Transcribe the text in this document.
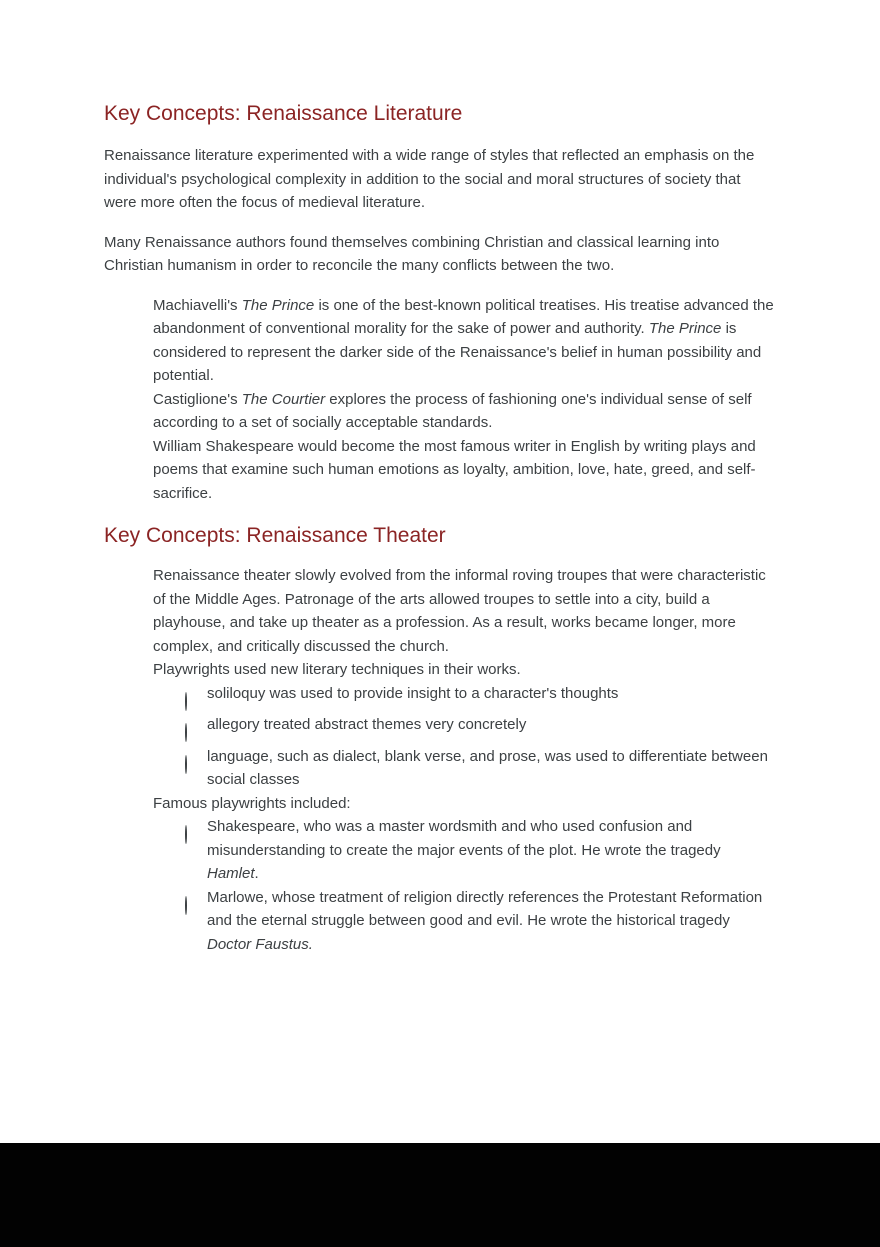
Key Concepts: Renaissance Literature

Renaissance literature experimented with a wide range of styles that reflected an emphasis on the individual's psychological complexity in addition to the social and moral structures of society that were more often the focus of medieval literature.

Many Renaissance authors found themselves combining Christian and classical learning into Christian humanism in order to reconcile the many conflicts between the two.

Machiavelli's The Prince is one of the best-known political treatises. His treatise advanced the abandonment of conventional morality for the sake of power and authority. The Prince is considered to represent the darker side of the Renaissance's belief in human possibility and potential.
Castiglione's The Courtier explores the process of fashioning one's individual sense of self according to a set of socially acceptable standards.
William Shakespeare would become the most famous writer in English by writing plays and poems that examine such human emotions as loyalty, ambition, love, hate, greed, and self-sacrifice.
Key Concepts: Renaissance Theater
Renaissance theater slowly evolved from the informal roving troupes that were characteristic of the Middle Ages. Patronage of the arts allowed troupes to settle into a city, build a playhouse, and take up theater as a profession. As a result, works became longer, more complex, and critically discussed the church.
Playwrights used new literary techniques in their works.
soliloquy was used to provide insight to a character's thoughts
allegory treated abstract themes very concretely
language, such as dialect, blank verse, and prose, was used to differentiate between social classes
Famous playwrights included:
Shakespeare, who was a master wordsmith and who used confusion and misunderstanding to create the major events of the plot. He wrote the tragedy Hamlet.
Marlowe, whose treatment of religion directly references the Protestant Reformation and the eternal struggle between good and evil. He wrote the historical tragedy Doctor Faustus.
